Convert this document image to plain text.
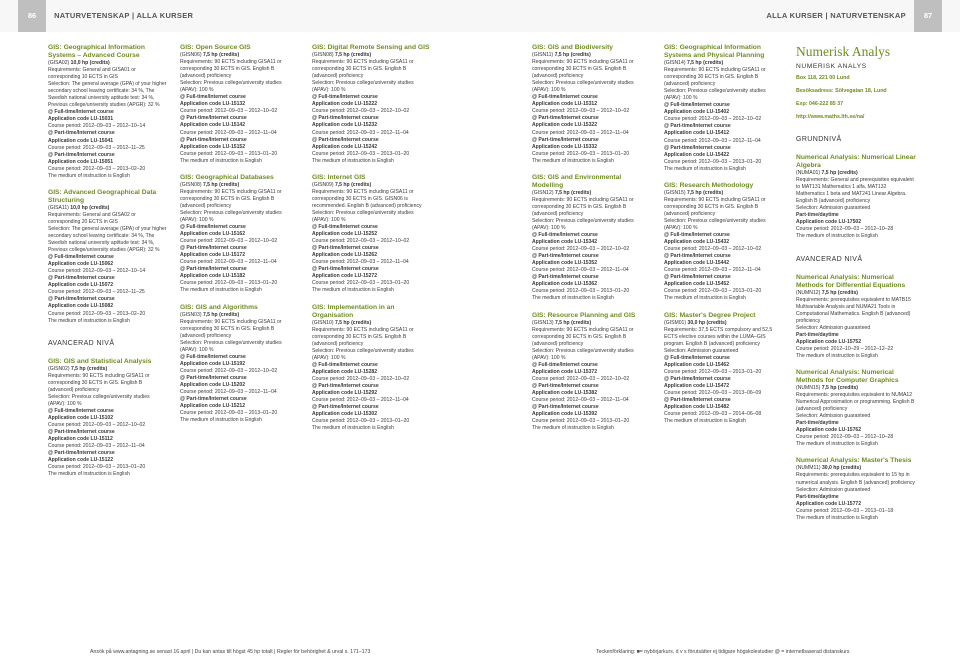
86 NATURVETENSKAP | ALLA KURSER	ALLA KURSER | NATURVETENSKAP 87
GIS: Geographical Information Systems – Advanced Course
(GISA02) 10,0 hp (credits)
Requirements: General and GISA01 or corresponding 10 ECTS in GIS
Selection: The general average (GPA) of your higher secondary school leaving certificate: 34 %, The Swedish national university aptitude test: 34 %, Previous college/university studies (APGR): 32 %
@ Full-time/Internet course
Application code LU-15031
Course period: 2012–09–03 – 2012–10–14
@ Part-time/Internet course
Application code LU-15041
Course period: 2012–09–03 – 2012–11–25
@ Part-time/Internet course
Application code LU-15051
Course period: 2012–09–03 – 2013–02–20
The medium of instruction is English
GIS: Advanced Geographical Data Structuring
(GISA11) 10,0 hp (credits)
Requirements: General and GISA02 or corresponding 20 ECTS in GIS
Selection: The general average (GPA) of your higher secondary school leaving certificate: 34 %, The Swedish national university aptitude test: 34 %, Previous college/university studies (APGR): 32 %
@ Full-time/Internet course
Application code LU-15062
Course period: 2012–09–03 – 2012–10–14
@ Part-time/Internet course
Application code LU-15072
Course period: 2012–09–03 – 2012–11–25
@ Part-time/Internet course
Application code LU-15082
Course period: 2012–09–03 – 2013–02–20
The medium of instruction is English
AVANCERAD NIVÅ
GIS: GIS and Statistical Analysis
(GISN02) 7,5 hp (credits)
Requirements: 90 ECTS including GISA11 or corresponding 30 ECTS in GIS. English B (advanced) proficiency
Selection: Previous college/university studies (APAV): 100 %
@ Full-time/Internet course
Application code LU-15102
Course period: 2012–09–03 – 2012–10–02
@ Part-time/Internet course
Application code LU-15112
Course period: 2012–09–03 – 2012–11–04
@ Part-time/Internet course
Application code LU-15122
Course period: 2012–09–03 – 2013–01–20
The medium of instruction is English
GIS: Open Source GIS
(GISN06) 7,5 hp (credits)
Requirements: 90 ECTS including GISA11 or corresponding 30 ECTS in GIS. English B (advanced) proficiency
Selection: Previous college/university studies (APAV): 100 %
@ Full-time/Internet course
Application code LU-15132
Course period: 2012–09–03 – 2012–10–02
@ Part-time/Internet course
Application code LU-15142
Course period: 2012–09–03 – 2012–11–04
@ Part-time/Internet course
Application code LU-15152
Course period: 2012–09–03 – 2013–01–20
The medium of instruction is English
GIS: Geographical Databases
(GISN08) 7,5 hp (credits)
Requirements: 90 ECTS including GISA11 or corresponding 30 ECTS in GIS. English B (advanced) proficiency
Selection: Previous college/university studies (APAV): 100 %
@ Full-time/Internet course
Application code LU-15162
Course period: 2012–09–03 – 2012–10–02
@ Part-time/Internet course
Application code LU-15172
Course period: 2012–09–03 – 2012–11–04
@ Part-time/Internet course
Application code LU-15182
Course period: 2012–09–03 – 2013–01–20
The medium of instruction is English
GIS: GIS and Algorithms
(GISN03) 7,5 hp (credits)
Requirements: 90 ECTS including GISA11 or corresponding 30 ECTS in GIS. English B (advanced) proficiency
Selection: Previous college/university studies (APAV): 100 %
@ Full-time/Internet course
Application code LU-15192
Course period: 2012–09–03 – 2012–10–02
@ Part-time/Internet course
Application code LU-15202
Course period: 2012–09–03 – 2012–11–04
@ Part-time/Internet course
Application code LU-15212
Course period: 2012–09–03 – 2013–01–20
The medium of instruction is English
GIS: Digital Remote Sensing and GIS
(GISN08) 7,5 hp (credits)
Requirements: 90 ECTS including GISA11 or corresponding 30 ECTS in GIS. English B (advanced) proficiency
Selection: Previous college/university studies (APAV): 100 %
@ Full-time/Internet course
Application code LU-15222
Course period: 2012–09–03 – 2012–10–02
@ Part-time/Internet course
Application code LU-15232
Course period: 2012–09–03 – 2012–11–04
@ Part-time/Internet course
Application code LU-15242
Course period: 2012–09–03 – 2013–01–20
The medium of instruction is English
GIS: Internet GIS
(GISN09) 7,5 hp (credits)
Requirements: 90 ECTS including GISA11 or corresponding 30 ECTS in GIS. GISN06 is recommended. English B (advanced) proficiency
Selection: Previous college/university studies (APAV): 100 %
@ Full-time/Internet course
Application code LU-15252
Course period: 2012–09–03 – 2012–10–02
@ Part-time/Internet course
Application code LU-15262
Course period: 2012–09–03 – 2012–11–04
@ Part-time/Internet course
Application code LU-15272
Course period: 2012–09–03 – 2013–01–20
The medium of instruction is English
GIS: Implementation in an Organisation
(GISN10) 7,5 hp (credits)
Requirements: 90 ECTS including GISA11 or corresponding 30 ECTS in GIS. English B (advanced) proficiency
Selection: Previous college/university studies (APAV): 100 %
@ Full-time/Internet course
Application code LU-15282
Course period: 2012–09–03 – 2012–10–02
@ Part-time/Internet course
Application code LU-15292
Course period: 2012–09–03 – 2012–11–04
@ Part-time/Internet course
Application code LU-15302
Course period: 2012–09–03 – 2013–01–20
The medium of instruction is English
GIS: GIS and Biodiversity
(GISN11) 7,5 hp (credits)
Requirements: 90 ECTS including GISA11 or corresponding 30 ECTS in GIS. English B (advanced) proficiency
Selection: Previous college/university studies (APAV): 100 %
@ Full-time/Internet course
Application code LU-15312
Course period: 2012–09–03 – 2012–10–02
@ Part-time/Internet course
Application code LU-15322
Course period: 2012–09–03 – 2012–11–04
@ Part-time/Internet course
Application code LU-15332
Course period: 2012–09–03 – 2013–01–20
The medium of instruction is English
GIS: GIS and Environmental Modelling
(GISN12) 7,5 hp (credits)
Requirements: 90 ECTS including GISA11 or corresponding 30 ECTS in GIS. English B (advanced) proficiency
Selection: Previous college/university studies (APAV): 100 %
@ Full-time/Internet course
Application code LU-15342
Course period: 2012–09–03 – 2012–10–02
@ Part-time/Internet course
Application code LU-15352
Course period: 2012–09–03 – 2012–11–04
@ Part-time/Internet course
Application code LU-15362
Course period: 2012–09–03 – 2013–01–20
The medium of instruction is English
GIS: Resource Planning and GIS
(GISN13) 7,5 hp (credits)
Requirements: 90 ECTS including GISA11 or corresponding 30 ECTS in GIS. English B (advanced) proficiency
Selection: Previous college/university studies (APAV): 100 %
@ Full-time/Internet course
Application code LU-15372
Course period: 2012–09–03 – 2012–10–02
@ Part-time/Internet course
Application code LU-15382
Course period: 2012–09–03 – 2012–11–04
@ Part-time/Internet course
Application code LU-15392
Course period: 2012–09–03 – 2013–01–20
The medium of instruction is English
GIS: Geographical Information Systems and Physical Planning
(GISN14) 7,5 hp (credits)
Requirements: 90 ECTS including GISA11 or corresponding 30 ECTS in GIS. English B (advanced) proficiency
Selection: Previous college/university studies (APAV): 100 %
@ Full-time/Internet course
Application code LU-15402
Course period: 2012–09–03 – 2012–10–02
@ Part-time/Internet course
Application code LU-15412
Course period: 2012–09–03 – 2012–11–04
@ Part-time/Internet course
Application code LU-15422
Course period: 2012–09–03 – 2013–01–20
The medium of instruction is English
GIS: Research Methodology
(GISN15) 7,5 hp (credits)
Requirements: 90 ECTS including GISA11 or corresponding 30 ECTS in GIS. English B (advanced) proficiency
Selection: Previous college/university studies (APAV): 100 %
@ Full-time/Internet course
Application code LU-15432
Course period: 2012–09–03 – 2012–10–02
@ Part-time/Internet course
Application code LU-15442
Course period: 2012–09–03 – 2012–11–04
@ Part-time/Internet course
Application code LU-15452
Course period: 2012–09–03 – 2013–01–20
The medium of instruction is English
GIS: Master's Degree Project
(GISM01) 30,0 hp (credits)
Requirements: 37,5 ECTS compulsory and 52,5 ECTS elective courses within the LUMA–GIS program. English B (advanced) proficiency
Selection: Admission guaranteed
@ Full-time/Internet course
Application code LU-15462
Course period: 2012–09–03 – 2013–01–20
@ Part-time/Internet course
Application code LU-15472
Course period: 2012–09–03 – 2013–06–09
@ Part-time/Internet course
Application code LU-15482
Course period: 2012–09–03 – 2014–06–08
The medium of instruction is English
Numerisk Analys
NUMERISK ANALYS
Box 118, 221 00 Lund
Besöksadress: Sölvegatan 18, Lund
Exp: 046-222 85 37
http://www.maths.lth.se/na/
GRUNDNIVÅ
Numerical Analysis: Numerical Linear Algebra
(NUMA01) 7,5 hp (credits)
Requirements: General and prerequisites equivalent to MAT131 Mathematics 1 alfa, MAT132 Mathematics 1 beta and MAT241 Linear Algebra. English B (advanced) proficiency
Selection: Admission guaranteed
Part-time/daytime
Application code LU-17502
Course period: 2012–09–03 – 2012–10–28
The medium of instruction is English
AVANCERAD NIVÅ
Numerical Analysis: Numerical Methods for Differential Equations
(NUMN12) 7,5 hp (credits)
Requirements: prerequisites equivalent to MATB15 Multivariable Analysis and NUMA21 Tools in Computational Mathematics. English B (advanced) proficiency
Selection: Admission guaranteed
Part-time/daytime
Application code LU-15752
Course period: 2012–10–29 – 2012–12–22
The medium of instruction is English
Numerical Analysis: Numerical Methods for Computer Graphics
(NUMN15) 7,5 hp (credits)
Requirements: prerequisites equivalent to NUMA12 Numerical Approximation or programming. English B (advanced) proficiency
Selection: Admission guaranteed
Part-time/daytime
Application code LU-15762
Course period: 2012–09–03 – 2012–10–28
The medium of instruction is English
Numerical Analysis: Master's Thesis
(NUMM11) 30,0 hp (credits)
Requirements: prerequisites equivalent to 15 hp in numerical analysis. English B (advanced) proficiency
Selection: Admission guaranteed
Part-time/daytime
Application code LU-15772
Course period: 2012–09–03 – 2013–01–18
The medium of instruction is English
Ansök på www.antagning.se senast 16 april | Du kan antas till högst 45 hp totalt | Regler för behörighet & urval s. 171–173	Teckenförklaring: ■= nybörjarkurs, d v s förutsätter ej tidigare högskolestudier @ = internetbaserad distanskurs
